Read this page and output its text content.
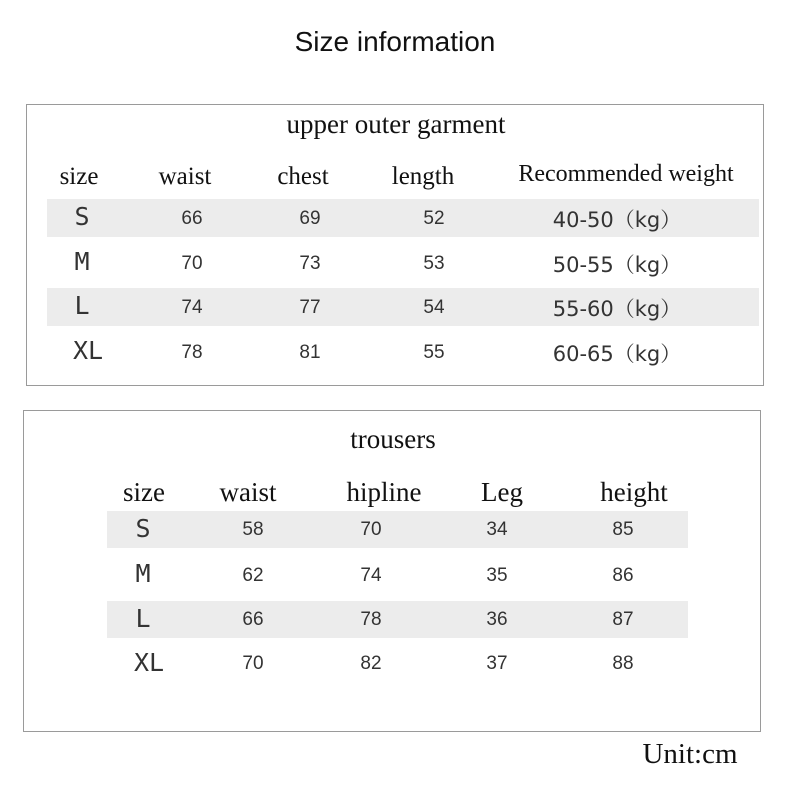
Size information
upper outer garment
size	waist	chest	length	Recommended weight
S	66	69	52	40-50（kg）
M	70	73	53	50-55（kg）
L	74	77	54	55-60（kg）
XL	78	81	55	60-65（kg）
trousers
size	waist	hipline	Leg	height
S	58	70	34	85
M	62	74	35	86
L	66	78	36	87
XL	70	82	37	88
Unit:cm
